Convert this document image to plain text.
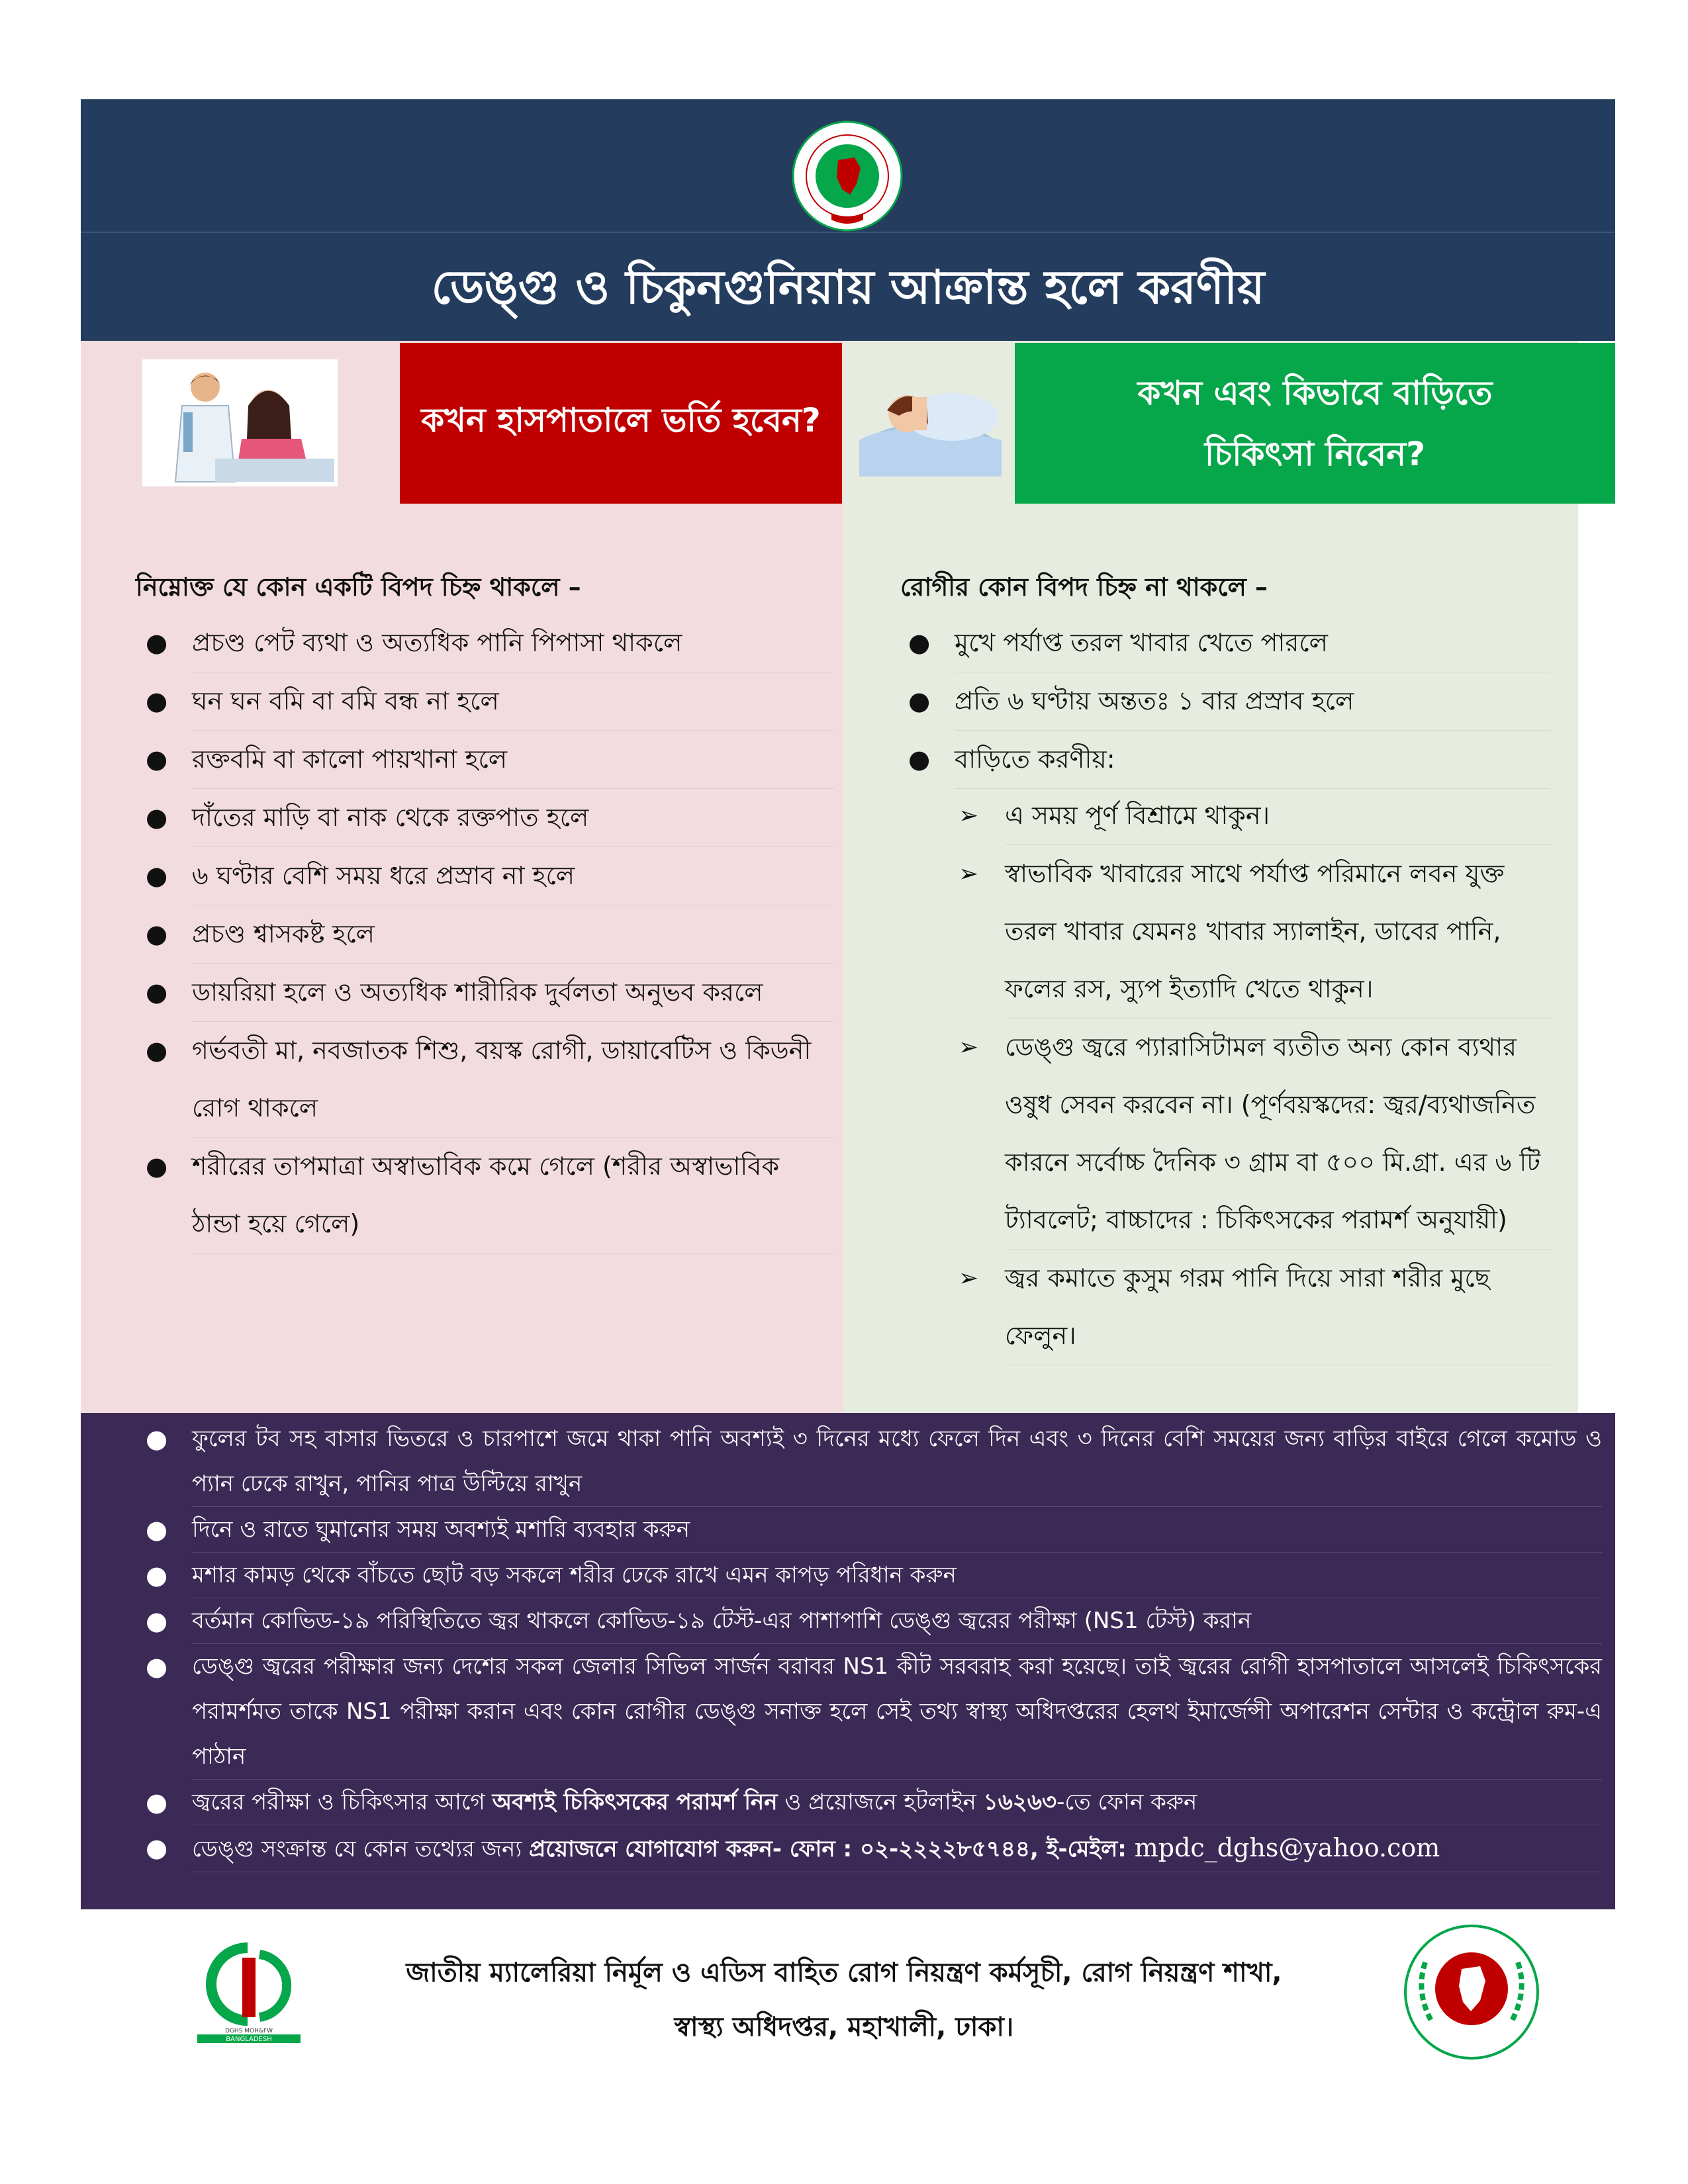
ডেঙ্গু ও চিকুনগুনিয়ায় আক্রান্ত হলে করণীয়
কখন হাসপাতালে ভর্তি হবেন?
নিম্নোক্ত যে কোন একটি বিপদ চিহ্ন থাকলে –
● প্রচণ্ড পেট ব্যথা ও অত্যধিক পানি পিপাসা থাকলে
● ঘন ঘন বমি বা বমি বন্ধ না হলে
● রক্তবমি বা কালো পায়খানা হলে
● দাঁতের মাড়ি বা নাক থেকে রক্তপাত হলে
● ৬ ঘণ্টার বেশি সময় ধরে প্রস্রাব না হলে
● প্রচণ্ড শ্বাসকষ্ট হলে
● ডায়রিয়া হলে ও অত্যধিক শারীরিক দুর্বলতা অনুভব করলে
● গর্ভবতী মা, নবজাতক শিশু, বয়স্ক রোগী, ডায়াবেটিস ও কিডনী রোগ থাকলে
● শরীরের তাপমাত্রা অস্বাভাবিক কমে গেলে (শরীর অস্বাভাবিক ঠান্ডা হয়ে গেলে)
কখন এবং কিভাবে বাড়িতে
চিকিৎসা নিবেন?
রোগীর কোন বিপদ চিহ্ন না থাকলে –
● মুখে পর্যাপ্ত তরল খাবার খেতে পারলে
● প্রতি ৬ ঘণ্টায় অন্ততঃ ১ বার প্রস্রাব হলে
● বাড়িতে করণীয়:
➢ এ সময় পূর্ণ বিশ্রামে থাকুন।
➢ স্বাভাবিক খাবারের সাথে পর্যাপ্ত পরিমানে লবন যুক্ত তরল খাবার যেমনঃ খাবার স্যালাইন, ডাবের পানি, ফলের রস, স্যুপ ইত্যাদি খেতে থাকুন।
➢ ডেঙ্গু জ্বরে প্যারাসিটামল ব্যতীত অন্য কোন ব্যথার ওষুধ সেবন করবেন না। (পূর্ণবয়স্কদের: জ্বর/ব্যথাজনিত কারনে সর্বোচ্চ দৈনিক ৩ গ্রাম বা ৫০০ মি.গ্রা. এর ৬ টি ট্যাবলেট; বাচ্চাদের : চিকিৎসকের পরামর্শ অনুযায়ী)
➢ জ্বর কমাতে কুসুম গরম পানি দিয়ে সারা শরীর মুছে ফেলুন।
● ফুলের টব সহ বাসার ভিতরে ও চারপাশে জমে থাকা পানি অবশ্যই ৩ দিনের মধ্যে ফেলে দিন এবং ৩ দিনের বেশি সময়ের জন্য বাড়ির বাইরে গেলে কমোড ও প্যান ঢেকে রাখুন, পানির পাত্র উল্টিয়ে রাখুন
● দিনে ও রাতে ঘুমানোর সময় অবশ্যই মশারি ব্যবহার করুন
● মশার কামড় থেকে বাঁচতে ছোট বড় সকলে শরীর ঢেকে রাখে এমন কাপড় পরিধান করুন
● বর্তমান কোভিড-১৯ পরিস্থিতিতে জ্বর থাকলে কোভিড-১৯ টেস্ট-এর পাশাপাশি ডেঙ্গু জ্বরের পরীক্ষা (NS1 টেস্ট) করান
● ডেঙ্গু জ্বরের পরীক্ষার জন্য দেশের সকল জেলার সিভিল সার্জন বরাবর NS1 কীট সরবরাহ করা হয়েছে। তাই জ্বরের রোগী হাসপাতালে আসলেই চিকিৎসকের পরামর্শমত তাকে NS1 পরীক্ষা করান এবং কোন রোগীর ডেঙ্গু সনাক্ত হলে সেই তথ্য স্বাস্থ্য অধিদপ্তরের হেলথ ইমার্জেন্সী অপারেশন সেন্টার ও কন্ট্রোল রুম-এ পাঠান
● জ্বরের পরীক্ষা ও চিকিৎসার আগে অবশ্যই চিকিৎসকের পরামর্শ নিন ও প্রয়োজনে হটলাইন ১৬২৬৩-তে ফোন করুন
● ডেঙ্গু সংক্রান্ত যে কোন তথ্যের জন্য প্রয়োজনে যোগাযোগ করুন- ফোন : ০২-২২২২৮৫৭৪৪, ই-মেইল: mpdc_dghs@yahoo.com
DGHS MOH&FW
BANGLADESH
জাতীয় ম্যালেরিয়া নির্মূল ও এডিস বাহিত রোগ নিয়ন্ত্রণ কর্মসূচী, রোগ নিয়ন্ত্রণ শাখা,
স্বাস্থ্য অধিদপ্তর, মহাখালী, ঢাকা।
